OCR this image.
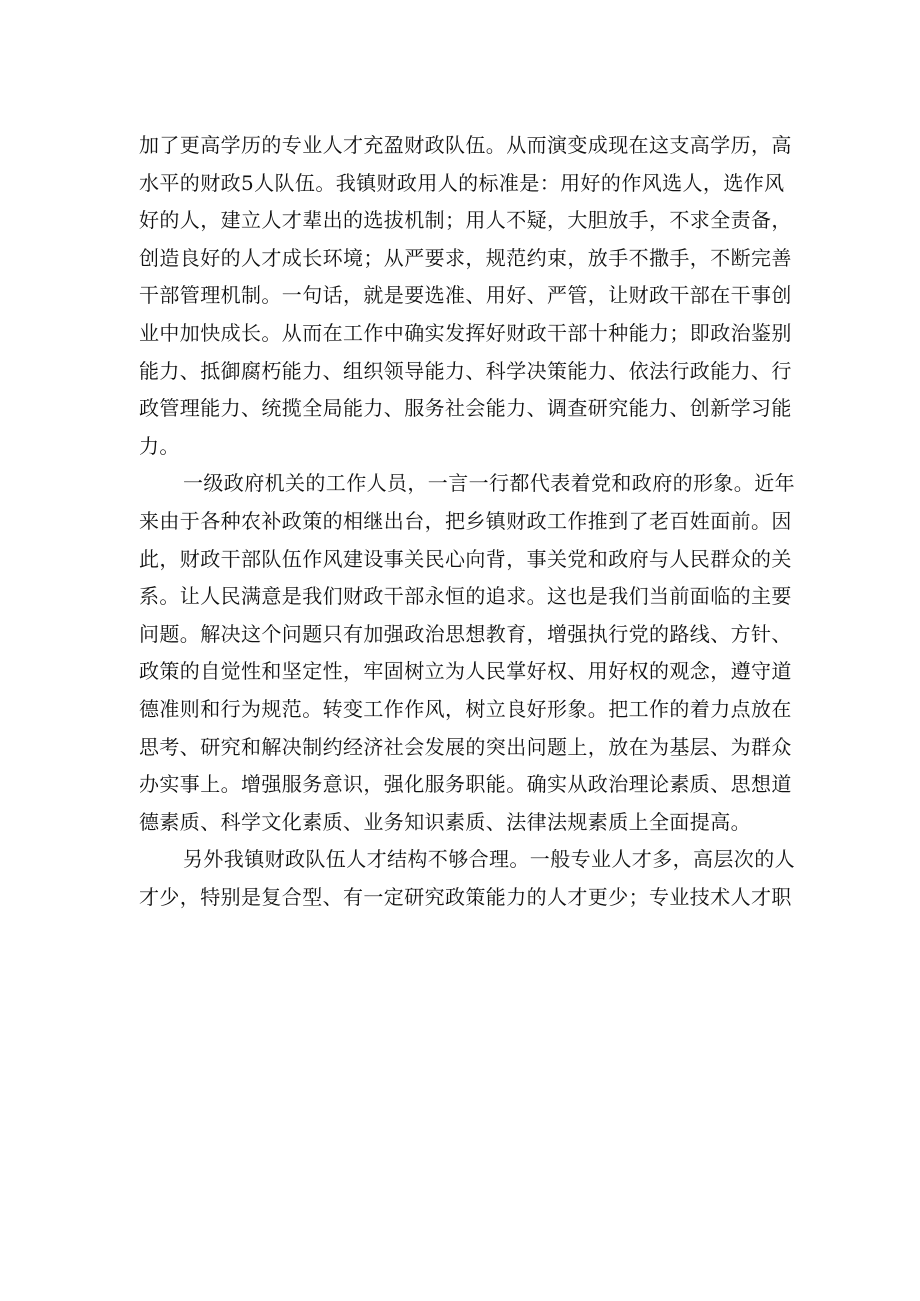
加了更高学历的专业人才充盈财政队伍。从而演变成现在这支高学历，高
水平的财政5人队伍。我镇财政用人的标准是：用好的作风选人，选作风
好的人，建立人才辈出的选拔机制；用人不疑，大胆放手，不求全责备，
创造良好的人才成长环境；从严要求，规范约束，放手不撒手，不断完善
干部管理机制。一句话，就是要选准、用好、严管，让财政干部在干事创
业中加快成长。从而在工作中确实发挥好财政干部十种能力；即政治鉴别
能力、抵御腐朽能力、组织领导能力、科学决策能力、依法行政能力、行
政管理能力、统揽全局能力、服务社会能力、调查研究能力、创新学习能
力。
一级政府机关的工作人员，一言一行都代表着党和政府的形象。近年
来由于各种农补政策的相继出台，把乡镇财政工作推到了老百姓面前。因
此，财政干部队伍作风建设事关民心向背，事关党和政府与人民群众的关
系。让人民满意是我们财政干部永恒的追求。这也是我们当前面临的主要
问题。解决这个问题只有加强政治思想教育，增强执行党的路线、方针、
政策的自觉性和坚定性，牢固树立为人民掌好权、用好权的观念，遵守道
德准则和行为规范。转变工作作风，树立良好形象。把工作的着力点放在
思考、研究和解决制约经济社会发展的突出问题上，放在为基层、为群众
办实事上。增强服务意识，强化服务职能。确实从政治理论素质、思想道
德素质、科学文化素质、业务知识素质、法律法规素质上全面提高。
另外我镇财政队伍人才结构不够合理。一般专业人才多，高层次的人
才少，特别是复合型、有一定研究政策能力的人才更少；专业技术人才职
